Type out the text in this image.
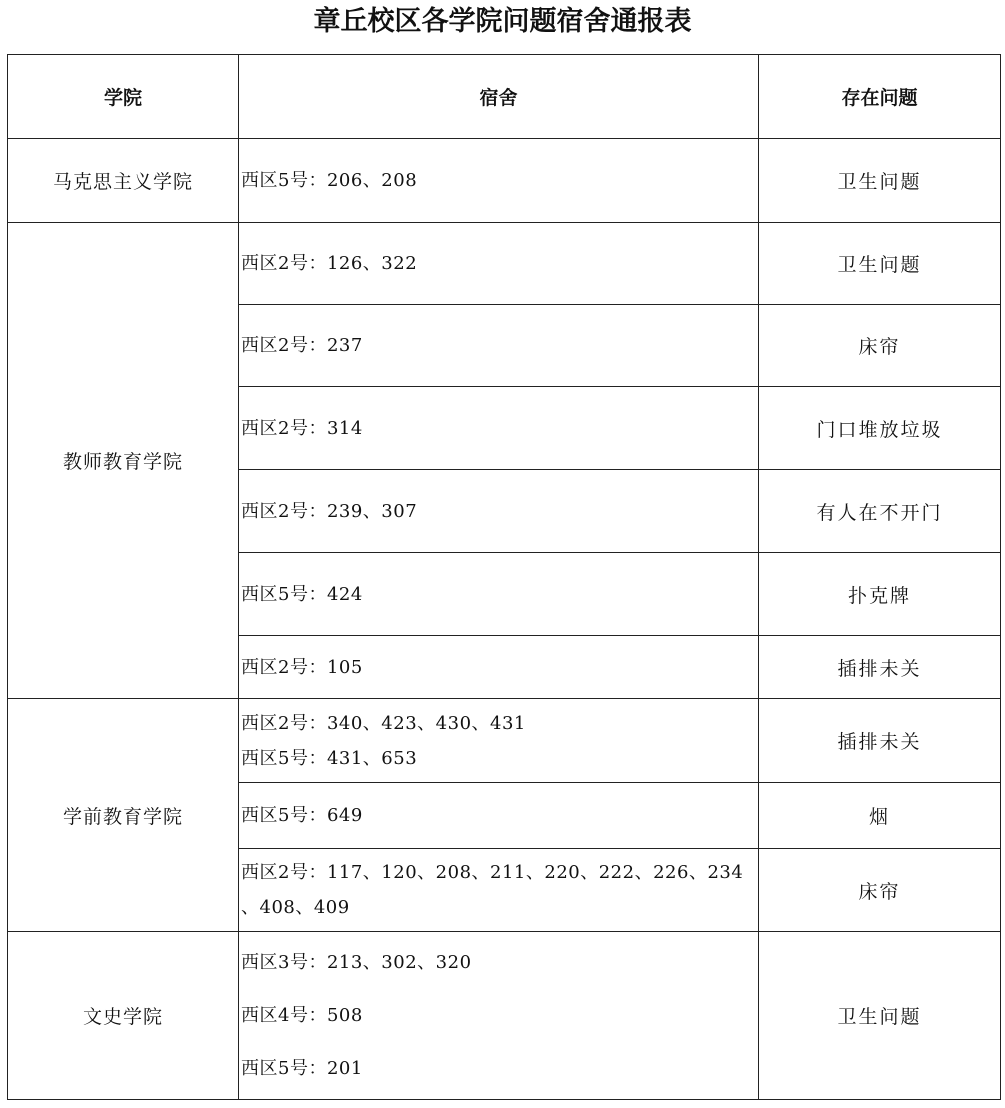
章丘校区各学院问题宿舍通报表
学院	宿舍	存在问题
马克思主义学院	西区5号：206、208	卫生问题
教师教育学院	西区2号：126、322	卫生问题

	西区2号：237	床帘

	西区2号：314	门口堆放垃圾

	西区2号：239、307	有人在不开门

	西区5号：424	扑克牌

	西区2号：105	插排未关
学前教育学院	西区2号：340、423、430、431
西区5号：431、653	插排未关

	西区5号：649	烟

	西区2号：117、120、208、211、220、222、226、234
、408、409	床帘
文史学院	西区3号：213、302、320
西区4号：508
西区5号：201	卫生问题
